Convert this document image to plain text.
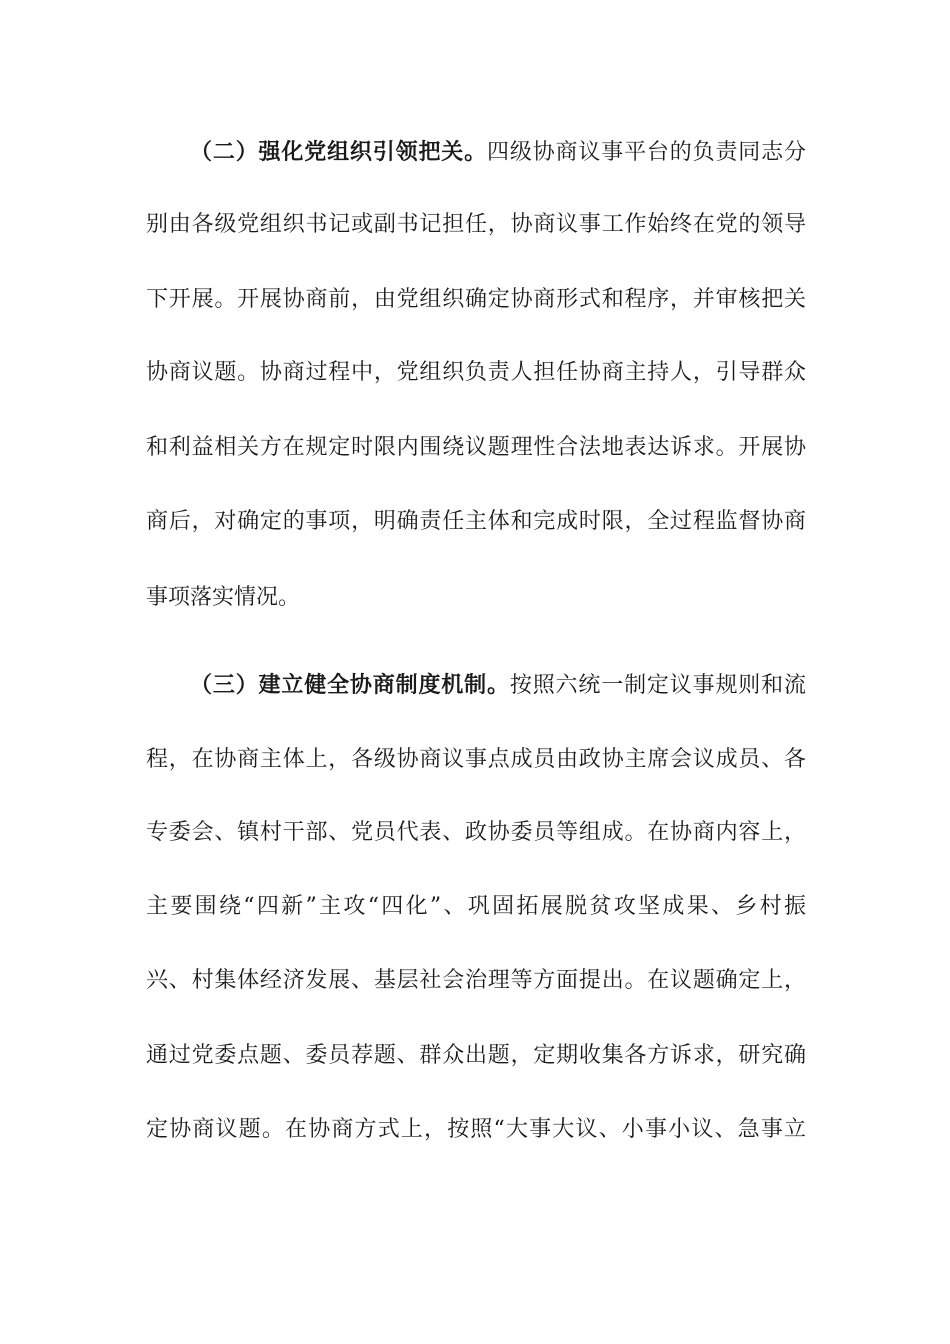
（二）强化党组织引领把关。四级协商议事平台的负责同志分
别由各级党组织书记或副书记担任，协商议事工作始终在党的领导
下开展。开展协商前，由党组织确定协商形式和程序，并审核把关
协商议题。协商过程中，党组织负责人担任协商主持人，引导群众
和利益相关方在规定时限内围绕议题理性合法地表达诉求。开展协
商后，对确定的事项，明确责任主体和完成时限，全过程监督协商
事项落实情况。
（三）建立健全协商制度机制。按照六统一制定议事规则和流
程，在协商主体上，各级协商议事点成员由政协主席会议成员、各
专委会、镇村干部、党员代表、政协委员等组成。在协商内容上，
主要围绕“四新”主攻“四化”、巩固拓展脱贫攻坚成果、乡村振
兴、村集体经济发展、基层社会治理等方面提出。在议题确定上，
通过党委点题、委员荐题、群众出题，定期收集各方诉求，研究确
定协商议题。在协商方式上，按照“大事大议、小事小议、急事立
